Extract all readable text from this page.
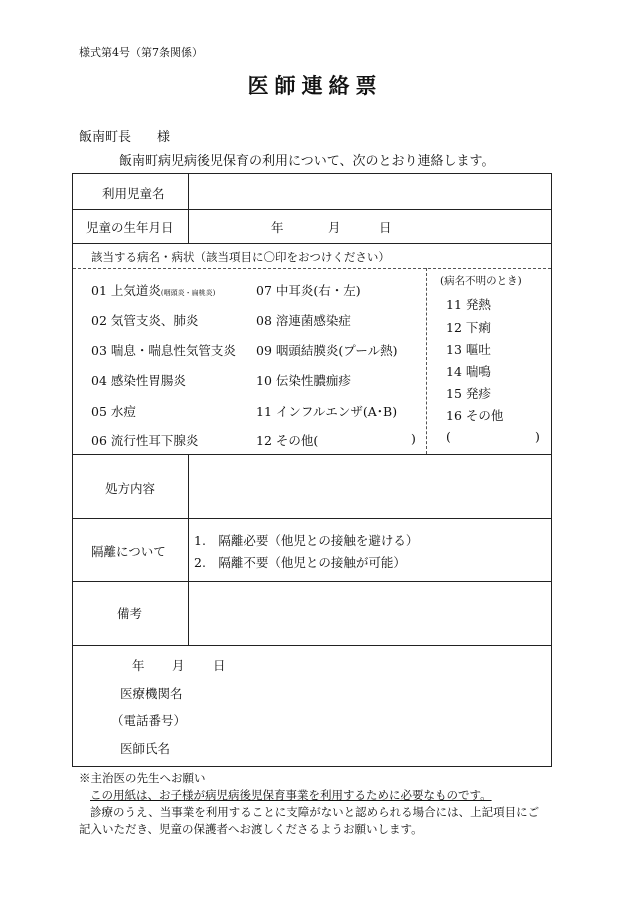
様式第4号（第7条関係）
医師連絡票
飯南町長　　様
飯南町病児病後児保育の利用について、次のとおり連絡します。
利用児童名
児童の生年月日	年	月	日
該当する病名・病状（該当項目に〇印をおつけください）
01 上気道炎(咽頭炎・扁桃炎)
02 気管支炎、肺炎
03 喘息・喘息性気管支炎
04 感染性胃腸炎
05 水痘
06 流行性耳下腺炎
07 中耳炎(右・左)
08 溶連菌感染症
09 咽頭結膜炎(プール熱)
10 伝染性膿痂疹
11 インフルエンザ(A･B)
12 その他(	)
(病名不明のとき)
11 発熱
12 下痢
13 嘔吐
14 喘鳴
15 発疹
16 その他
(	)
処方内容
隔離について
1.　隔離必要（他児との接触を避ける）
2.　隔離不要（他児との接触が可能）
備考
年 月 日
医療機関名
（電話番号）
医師氏名
※主治医の先生へお願い
この用紙は、お子様が病児病後児保育事業を利用するために必要なものです。
診療のうえ、当事業を利用することに支障がないと認められる場合には、上記項目にご
記入いただき、児童の保護者へお渡しくださるようお願いします。
